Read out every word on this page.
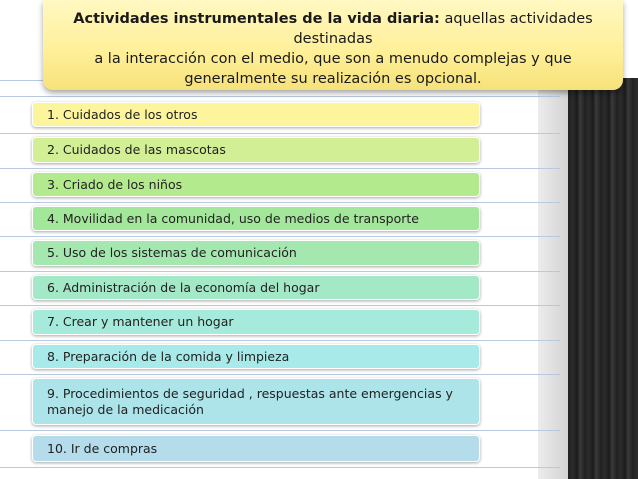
Actividades instrumentales de la vida diaria: aquellas actividades destinadas
a la interacción con el medio, que son a menudo complejas y que
generalmente su realización es opcional.
1. Cuidados de los otros
2. Cuidados de las mascotas
3. Criado de los niños
4. Movilidad en la comunidad, uso de medios de transporte
5. Uso de los sistemas de comunicación
6. Administración de la economía del hogar
7. Crear y mantener un hogar
8. Preparación de la comida y limpieza
9. Procedimientos de seguridad , respuestas ante emergencias y manejo de la medicación
10. Ir de compras
